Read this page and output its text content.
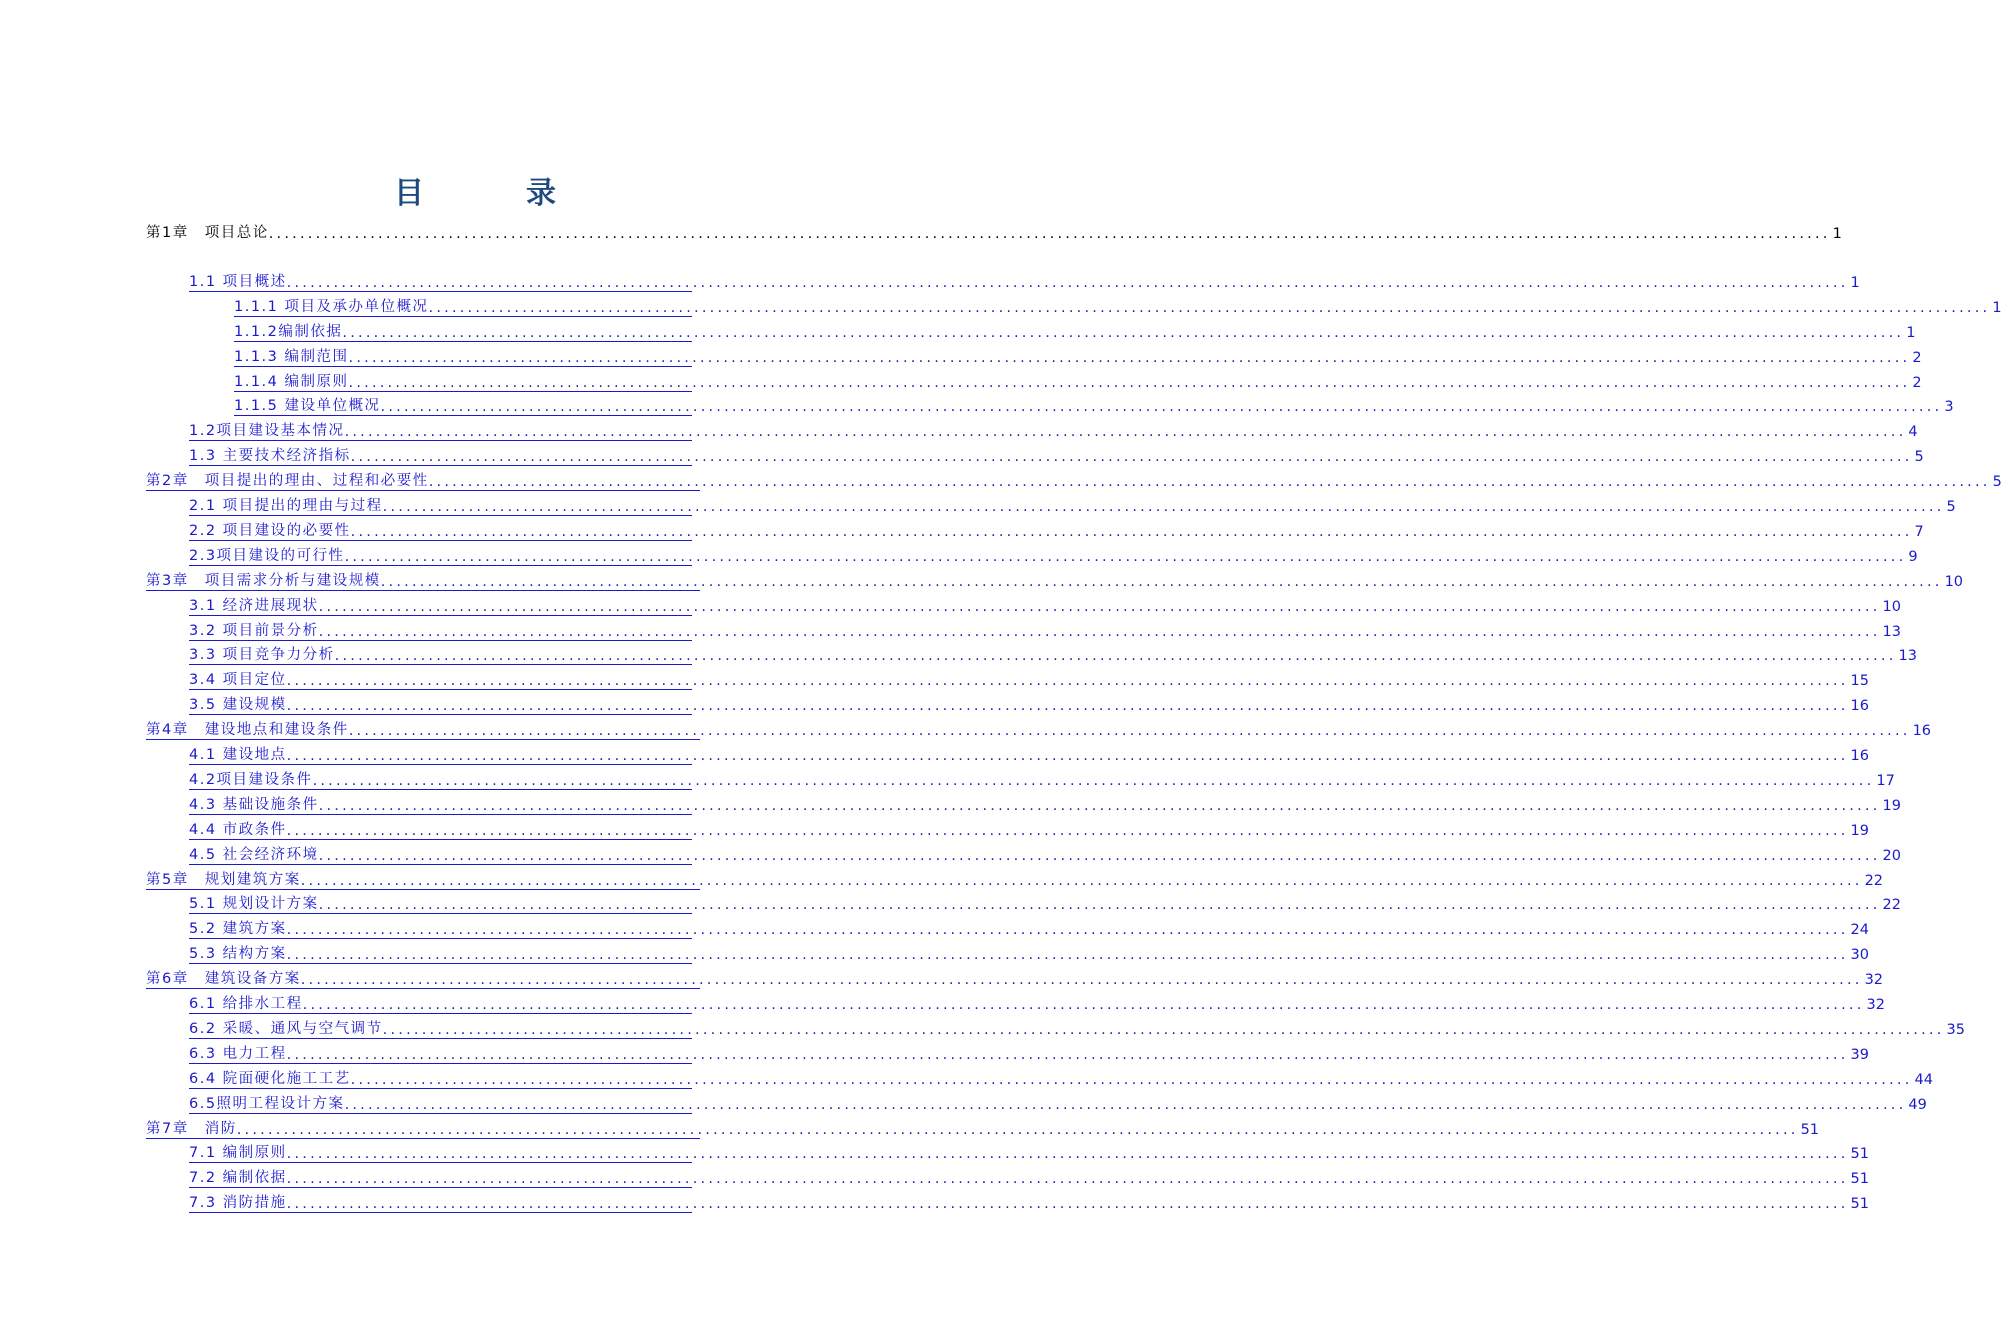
目　录
第1章　项目总论 ........................................................................................................................................................................................................ 1
1.1 项目概述 ........................................................................................................................................................................................................ 1
1.1.1 项目及承办单位概况 ........................................................................................................................................................................................................ 1
1.1.2编制依据 ........................................................................................................................................................................................................ 1
1.1.3 编制范围 ........................................................................................................................................................................................................ 2
1.1.4 编制原则 ........................................................................................................................................................................................................ 2
1.1.5 建设单位概况 ........................................................................................................................................................................................................ 3
1.2项目建设基本情况 ........................................................................................................................................................................................................ 4
1.3 主要技术经济指标 ........................................................................................................................................................................................................ 5
第2章　项目提出的理由、过程和必要性 ........................................................................................................................................................................................................ 5
2.1 项目提出的理由与过程 ........................................................................................................................................................................................................ 5
2.2 项目建设的必要性 ........................................................................................................................................................................................................ 7
2.3项目建设的可行性 ........................................................................................................................................................................................................ 9
第3章　项目需求分析与建设规模 ........................................................................................................................................................................................................ 10
3.1 经济进展现状 ........................................................................................................................................................................................................ 10
3.2 项目前景分析 ........................................................................................................................................................................................................ 13
3.3 项目竞争力分析 ........................................................................................................................................................................................................ 13
3.4 项目定位 ........................................................................................................................................................................................................ 15
3.5 建设规模 ........................................................................................................................................................................................................ 16
第4章　建设地点和建设条件 ........................................................................................................................................................................................................ 16
4.1 建设地点 ........................................................................................................................................................................................................ 16
4.2项目建设条件 ........................................................................................................................................................................................................ 17
4.3 基础设施条件 ........................................................................................................................................................................................................ 19
4.4 市政条件 ........................................................................................................................................................................................................ 19
4.5 社会经济环境 ........................................................................................................................................................................................................ 20
第5章　规划建筑方案 ........................................................................................................................................................................................................ 22
5.1 规划设计方案 ........................................................................................................................................................................................................ 22
5.2 建筑方案 ........................................................................................................................................................................................................ 24
5.3 结构方案 ........................................................................................................................................................................................................ 30
第6章　建筑设备方案 ........................................................................................................................................................................................................ 32
6.1 给排水工程 ........................................................................................................................................................................................................ 32
6.2 采暖、通风与空气调节 ........................................................................................................................................................................................................ 35
6.3 电力工程 ........................................................................................................................................................................................................ 39
6.4 院面硬化施工工艺 ........................................................................................................................................................................................................ 44
6.5照明工程设计方案 ........................................................................................................................................................................................................ 49
第7章　消防 ........................................................................................................................................................................................................ 51
7.1 编制原则 ........................................................................................................................................................................................................ 51
7.2 编制依据 ........................................................................................................................................................................................................ 51
7.3 消防措施 ........................................................................................................................................................................................................ 51
